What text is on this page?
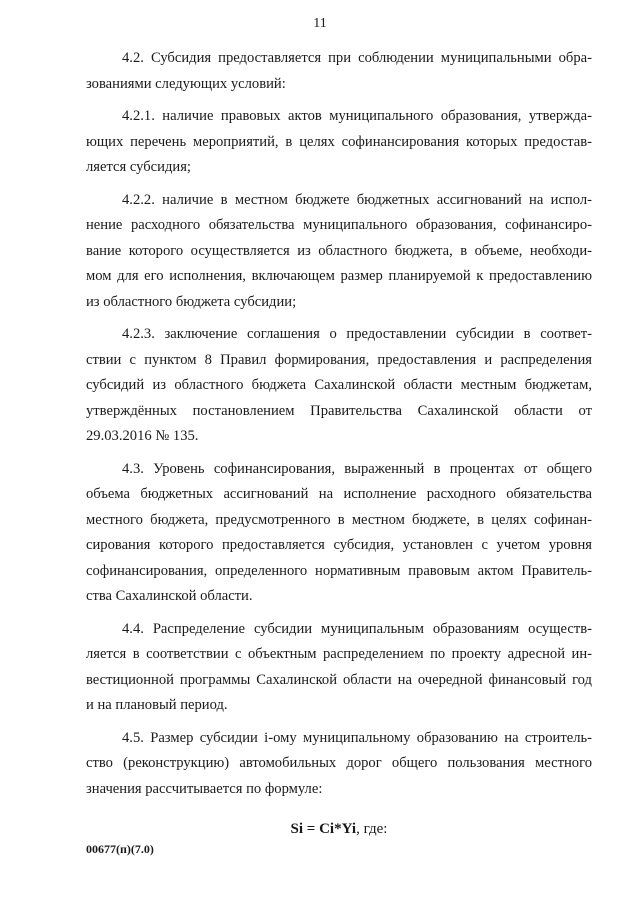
11

4.2. Субсидия предоставляется при соблюдении муниципальными обра-
зованиями следующих условий:

4.2.1. наличие правовых актов муниципального образования, утвержда-
ющих перечень мероприятий, в целях софинансирования которых предостав-
ляется субсидия;

4.2.2. наличие в местном бюджете бюджетных ассигнований на испол-
нение расходного обязательства муниципального образования, софинансиро-
вание которого осуществляется из областного бюджета, в объеме, необходи-
мом для его исполнения, включающем размер планируемой к предоставлению
из областного бюджета субсидии;

4.2.3. заключение соглашения о предоставлении субсидии в соответ-
ствии с пунктом 8 Правил формирования, предоставления и распределения
субсидий из областного бюджета Сахалинской области местным бюджетам,
утверждённых постановлением Правительства Сахалинской области от
29.03.2016 № 135.

4.3. Уровень софинансирования, выраженный в процентах от общего
объема бюджетных ассигнований на исполнение расходного обязательства
местного бюджета, предусмотренного в местном бюджете, в целях софинан-
сирования которого предоставляется субсидия, установлен с учетом уровня
софинансирования, определенного нормативным правовым актом Правитель-
ства Сахалинской области.

4.4. Распределение субсидии муниципальным образованиям осуществ-
ляется в соответствии с объектным распределением по проекту адресной ин-
вестиционной программы Сахалинской области на очередной финансовый год
и на плановый период.

4.5. Размер субсидии i-ому муниципальному образованию на строитель-
ство (реконструкцию) автомобильных дорог общего пользования местного
значения рассчитывается по формуле:

Si = Ci*Yi, где:

00677(п)(7.0)
